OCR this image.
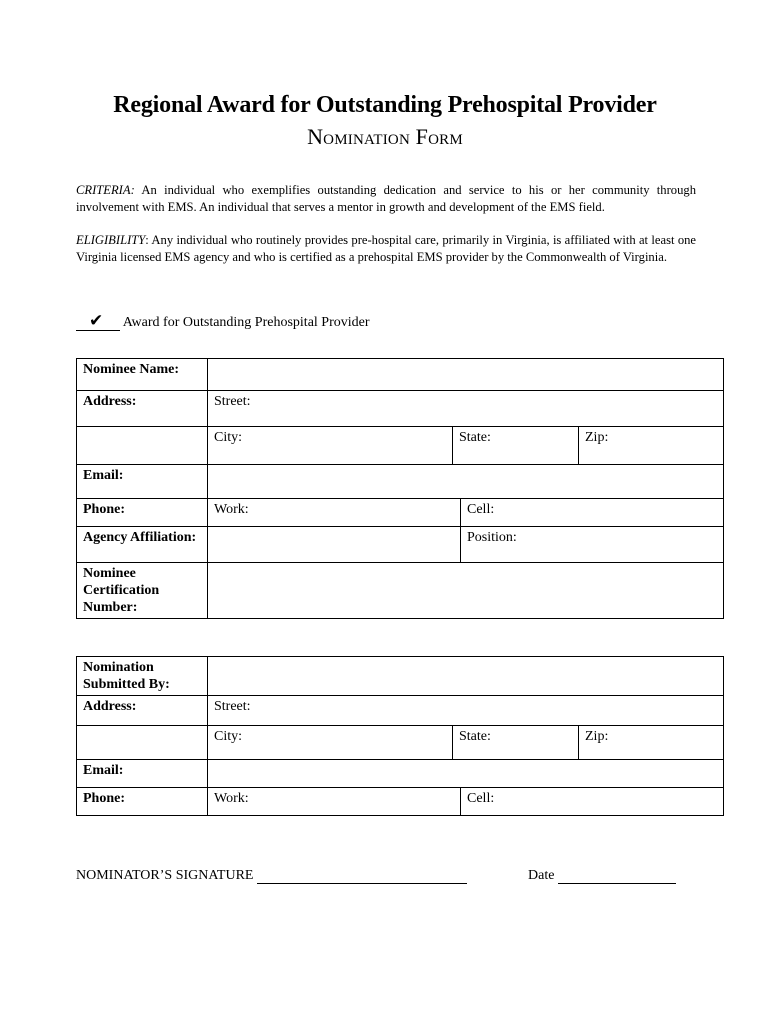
Regional Award for Outstanding Prehospital Provider
Nomination Form
CRITERIA: An individual who exemplifies outstanding dedication and service to his or her community through involvement with EMS. An individual that serves a mentor in growth and development of the EMS field.
ELIGIBILITY: Any individual who routinely provides pre-hospital care, primarily in Virginia, is affiliated with at least one Virginia licensed EMS agency and who is certified as a prehospital EMS provider by the Commonwealth of Virginia.
✔ Award for Outstanding Prehospital Provider
Nominee Name:				
Address:	Street:			
	City:	State:		Zip:
Email:				
Phone:	Work:		Cell:	
Agency Affiliation:			Position:	
Nominee Certification Number:				
Nomination Submitted By:				
Address:	Street:			
	City:	State:		Zip:
Email:				
Phone:	Work:		Cell:	
NOMINATOR’S SIGNATURE	Date
